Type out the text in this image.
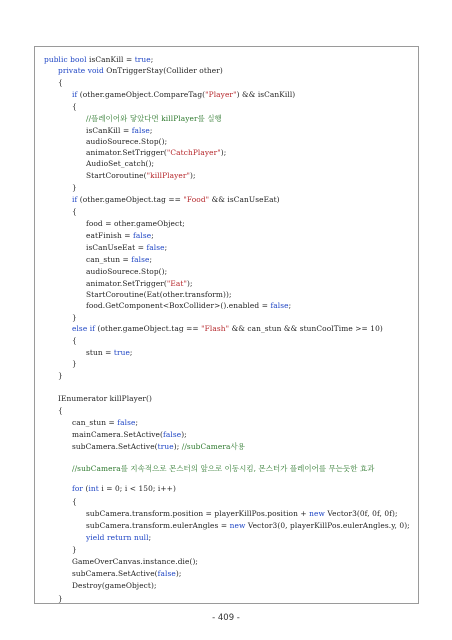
public bool isCanKill = true;
private void OnTriggerStay(Collider other)
{
if (other.gameObject.CompareTag("Player") && isCanKill)
{
//플레이어와 닿았다면 killPlayer를 실행
isCanKill = false;
audioSourece.Stop();
animator.SetTrigger("CatchPlayer");
AudioSet_catch();
StartCoroutine("killPlayer");
}
if (other.gameObject.tag == "Food" && isCanUseEat)
{
food = other.gameObject;
eatFinish = false;
isCanUseEat = false;
can_stun = false;
audioSourece.Stop();
animator.SetTrigger("Eat");
StartCoroutine(Eat(other.transform));
food.GetComponent<BoxCollider>().enabled = false;
}
else if (other.gameObject.tag == "Flash" && can_stun && stunCoolTime >= 10)
{
stun = true;
}
}
IEnumerator killPlayer()
{
can_stun = false;
mainCamera.SetActive(false);
subCamera.SetActive(true); //subCamera사용
//subCamera를 지속적으로 몬스터의 앞으로 이동시킴, 몬스터가 플레이어를 무는듯한 효과
for (int i = 0; i < 150; i++)
{
subCamera.transform.position = playerKillPos.position + new Vector3(0f, 0f, 0f);
subCamera.transform.eulerAngles = new Vector3(0, playerKillPos.eulerAngles.y, 0);
yield return null;
}
GameOverCanvas.instance.die();
subCamera.SetActive(false);
Destroy(gameObject);
}
- 409 -
